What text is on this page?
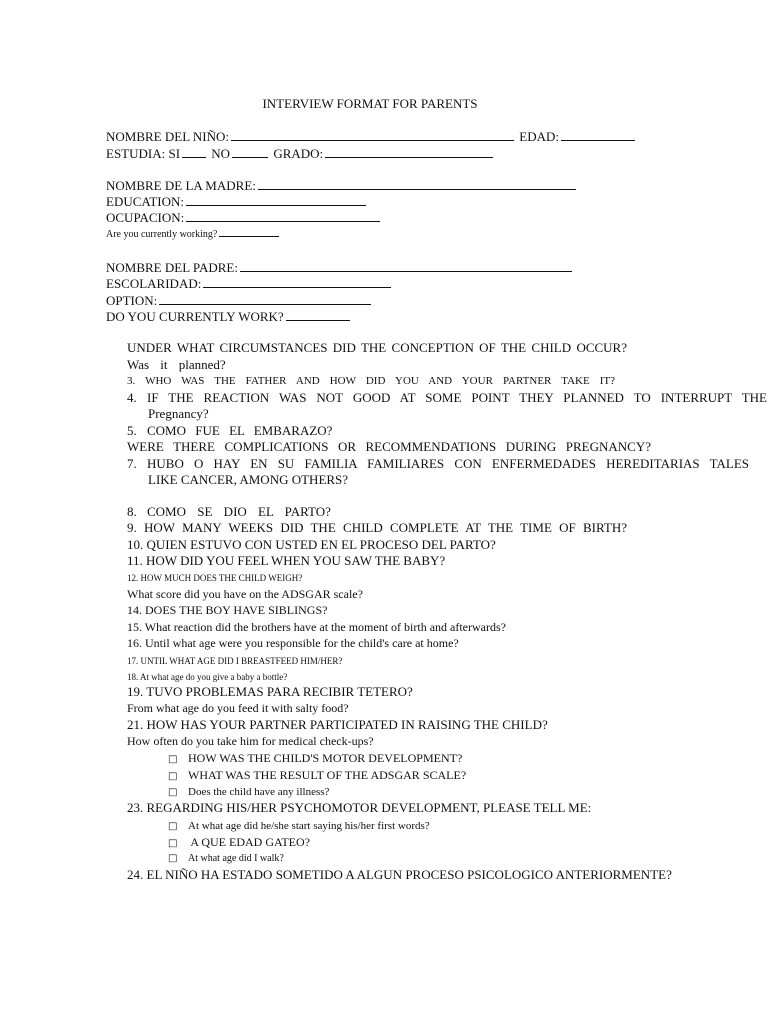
INTERVIEW FORMAT FOR PARENTS
NOMBRE DEL NIÑO:	EDAD:
ESTUDIA: SI NO	GRADO:
NOMBRE DE LA MADRE:
EDUCATION:
OCUPACION:
Are you currently working?
NOMBRE DEL PADRE:
ESCOLARIDAD:
OPTION:
DO YOU CURRENTLY WORK?
UNDER WHAT CIRCUMSTANCES DID THE CONCEPTION OF THE CHILD OCCUR?
Was it planned?
3. WHO WAS THE FATHER AND HOW DID YOU AND YOUR PARTNER TAKE IT?
4. IF THE REACTION WAS NOT GOOD AT SOME POINT THEY PLANNED TO INTERRUPT THE
Pregnancy?
5. COMO FUE EL EMBARAZO?
WERE THERE COMPLICATIONS OR RECOMMENDATIONS DURING PREGNANCY?
7. HUBO O HAY EN SU FAMILIA FAMILIARES CON ENFERMEDADES HEREDITARIAS TALES
LIKE CANCER, AMONG OTHERS?
8. COMO SE DIO EL PARTO?
9. HOW MANY WEEKS DID THE CHILD COMPLETE AT THE TIME OF BIRTH?
10. QUIEN ESTUVO CON USTED EN EL PROCESO DEL PARTO?
11. HOW DID YOU FEEL WHEN YOU SAW THE BABY?
12. HOW MUCH DOES THE CHILD WEIGH?
What score did you have on the ADSGAR scale?
14. DOES THE BOY HAVE SIBLINGS?
15. What reaction did the brothers have at the moment of birth and afterwards?
16. Until what age were you responsible for the child's care at home?
17. UNTIL WHAT AGE DID I BREASTFEED HIM/HER?
18. At what age do you give a baby a bottle?
19. TUVO PROBLEMAS PARA RECIBIR TETERO?
From what age do you feed it with salty food?
21. HOW HAS YOUR PARTNER PARTICIPATED IN RAISING THE CHILD?
How often do you take him for medical check-ups?
□ HOW WAS THE CHILD'S MOTOR DEVELOPMENT?
□ WHAT WAS THE RESULT OF THE ADSGAR SCALE?
□ Does the child have any illness?
23. REGARDING HIS/HER PSYCHOMOTOR DEVELOPMENT, PLEASE TELL ME:
□ At what age did he/she start saying his/her first words?
□ A QUE EDAD GATEO?
□ At what age did I walk?
24. EL NIÑO HA ESTADO SOMETIDO A ALGUN PROCESO PSICOLOGICO ANTERIORMENTE?
